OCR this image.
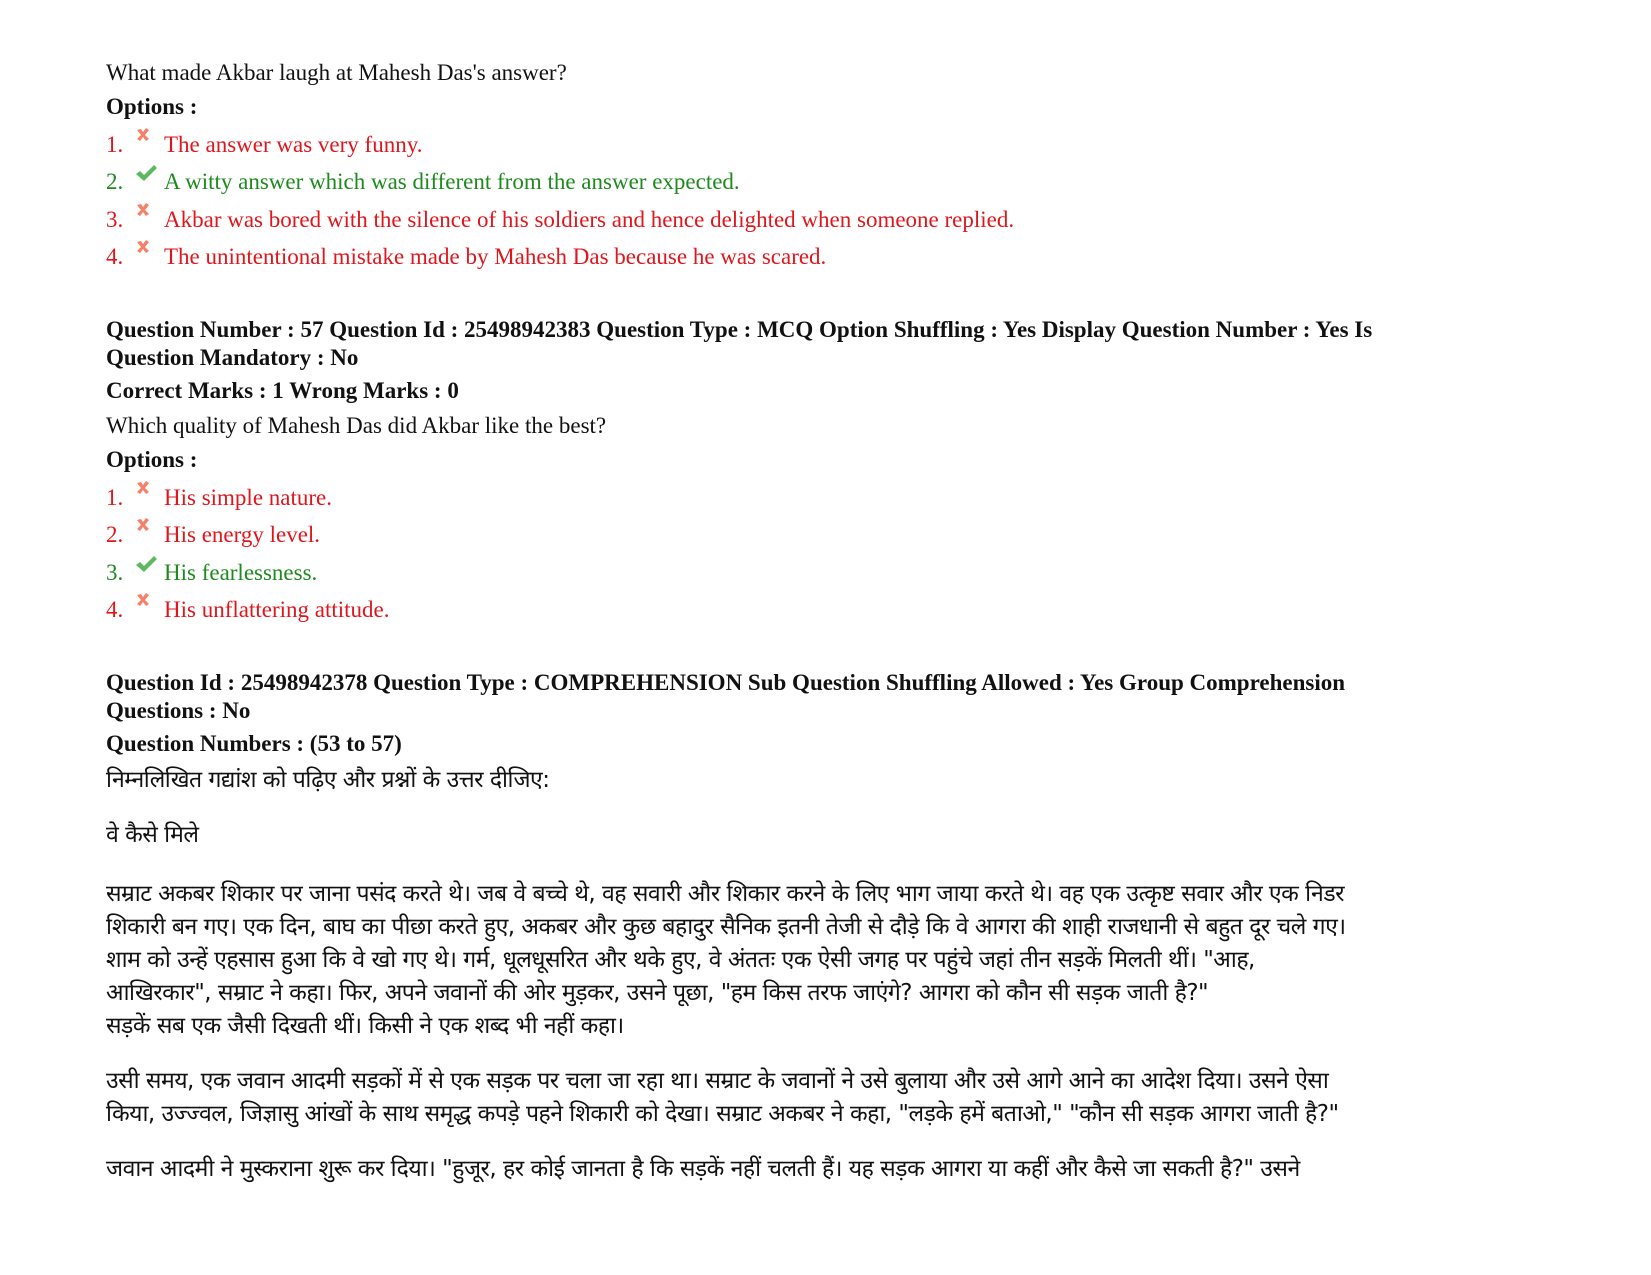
What made Akbar laugh at Mahesh Das's answer?

Options :

1.	The answer was very funny.
2.	A witty answer which was different from the answer expected.
3.	Akbar was bored with the silence of his soldiers and hence delighted when someone replied.
4.	The unintentional mistake made by Mahesh Das because he was scared.

Question Number : 57 Question Id : 25498942383 Question Type : MCQ Option Shuffling : Yes Display Question Number : Yes Is
Question Mandatory : No

Correct Marks : 1 Wrong Marks : 0

Which quality of Mahesh Das did Akbar like the best?

Options :

1.	His simple nature.
2.	His energy level.
3.	His fearlessness.
4.	His unflattering attitude.

Question Id : 25498942378 Question Type : COMPREHENSION Sub Question Shuffling Allowed : Yes Group Comprehension
Questions : No

Question Numbers : (53 to 57)

निम्नलिखित गद्यांश को पढ़िए और प्रश्नों के उत्तर दीजिए:

वे कैसे मिले

सम्राट अकबर शिकार पर जाना पसंद करते थे। जब वे बच्चे थे, वह सवारी और शिकार करने के लिए भाग जाया करते थे। वह एक उत्कृष्ट सवार और एक निडर

शिकारी बन गए। एक दिन, बाघ का पीछा करते हुए, अकबर और कुछ बहादुर सैनिक इतनी तेजी से दौड़े कि वे आगरा की शाही राजधानी से बहुत दूर चले गए।

शाम को उन्हें एहसास हुआ कि वे खो गए थे। गर्म, धूलधूसरित और थके हुए, वे अंततः एक ऐसी जगह पर पहुंचे जहां तीन सड़कें मिलती थीं। "आह,

आखिरकार", सम्राट ने कहा। फिर, अपने जवानों की ओर मुड़कर, उसने पूछा, "हम किस तरफ जाएंगे? आगरा को कौन सी सड़क जाती है?"

सड़कें सब एक जैसी दिखती थीं। किसी ने एक शब्द भी नहीं कहा।

उसी समय, एक जवान आदमी सड़कों में से एक सड़क पर चला जा रहा था। सम्राट के जवानों ने उसे बुलाया और उसे आगे आने का आदेश दिया। उसने ऐसा

किया, उज्ज्वल, जिज्ञासु आंखों के साथ समृद्ध कपड़े पहने शिकारी को देखा। सम्राट अकबर ने कहा, "लड़के हमें बताओ," "कौन सी सड़क आगरा जाती है?"

जवान आदमी ने मुस्कराना शुरू कर दिया। "हुजूर, हर कोई जानता है कि सड़कें नहीं चलती हैं। यह सड़क आगरा या कहीं और कैसे जा सकती है?" उसने
